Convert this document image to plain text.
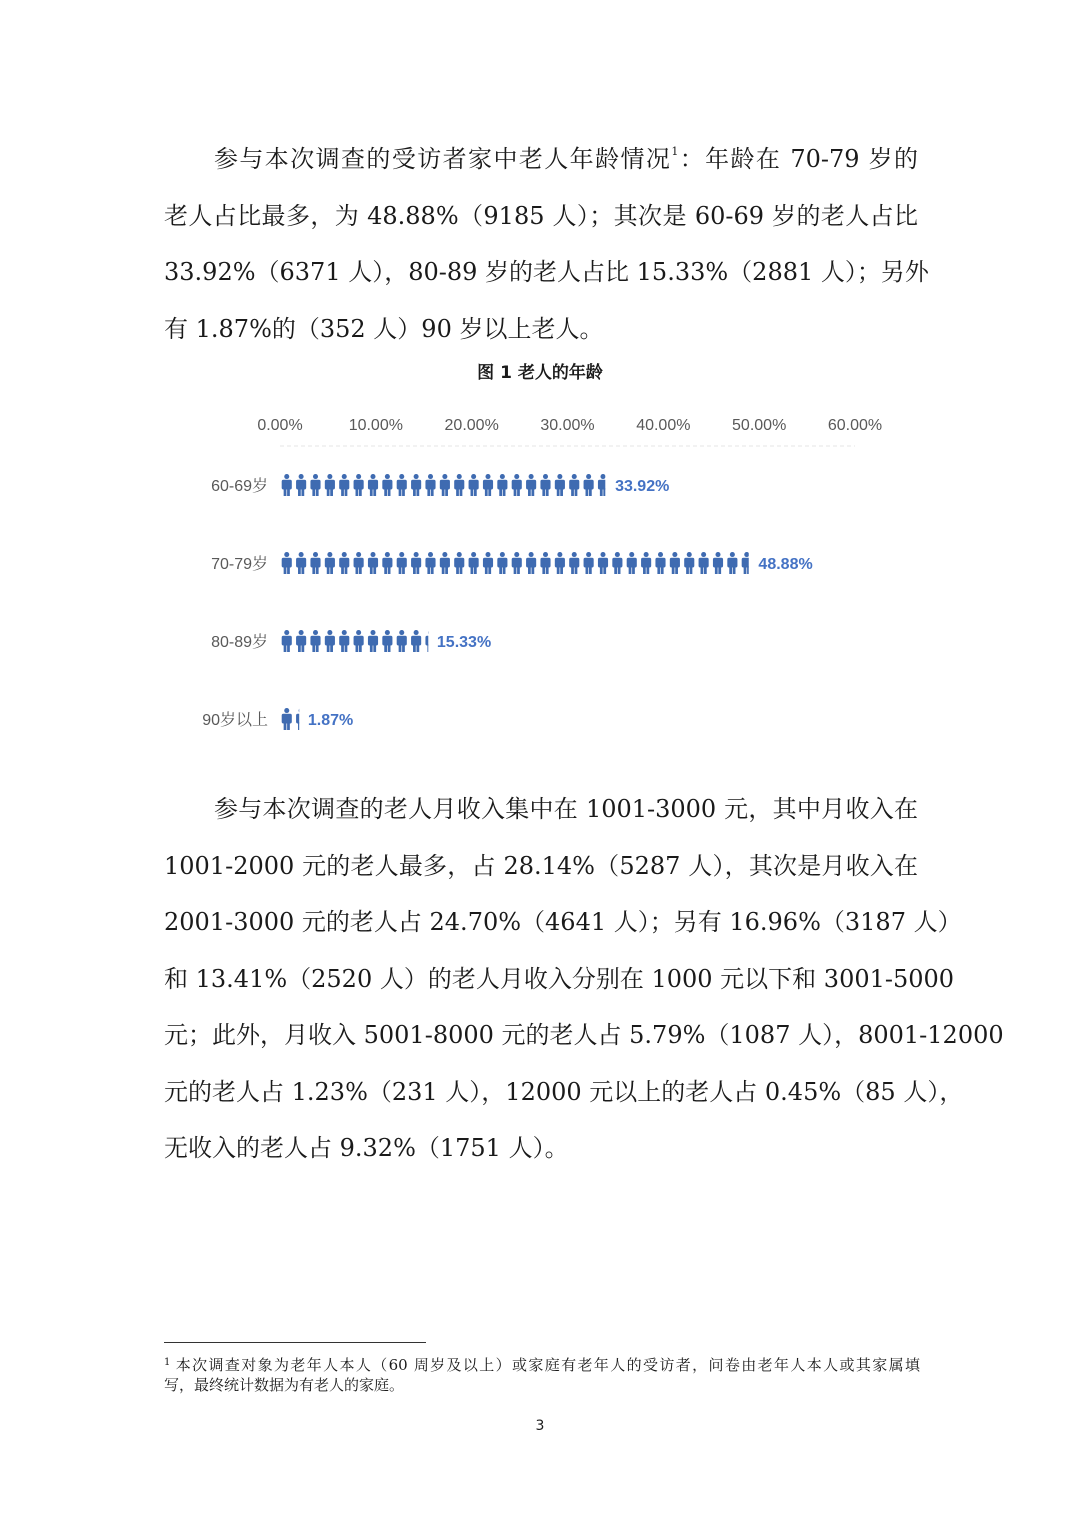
参与本次调查的受访者家中老人年龄情况$^1$：年龄在 70-79 岁的
老人占比最多，为 48.88%（9185 人）；其次是 60-69 岁的老人占比
33.92%（6371 人），80-89 岁的老人占比 15.33%（2881 人）；另外
有 1.87%的（352 人）90 岁以上老人。
图 1 老人的年龄
0.00%	10.00%	20.00%	30.00%	40.00%	50.00%	60.00%
60-69岁	33.92%
70-79岁	48.88%
80-89岁	15.33%
90岁以上 1.87%
参与本次调查的老人月收入集中在 1001-3000 元，其中月收入在
1001-2000 元的老人最多，占 28.14%（5287 人），其次是月收入在
2001-3000 元的老人占 24.70%（4641 人）；另有 16.96%（3187 人）
和 13.41%（2520 人）的老人月收入分别在 1000 元以下和 3001-5000
元；此外，月收入 5001-8000 元的老人占 5.79%（1087 人），8001-12000
元的老人占 1.23%（231 人），12000 元以上的老人占 0.45%（85 人），
无收入的老人占 9.32%（1751 人）。
$^1$ 本次调查对象为老年人本人（60 周岁及以上）或家庭有老年人的受访者，问卷由老年人本人或其家属填
写，最终统计数据为有老人的家庭。
3
